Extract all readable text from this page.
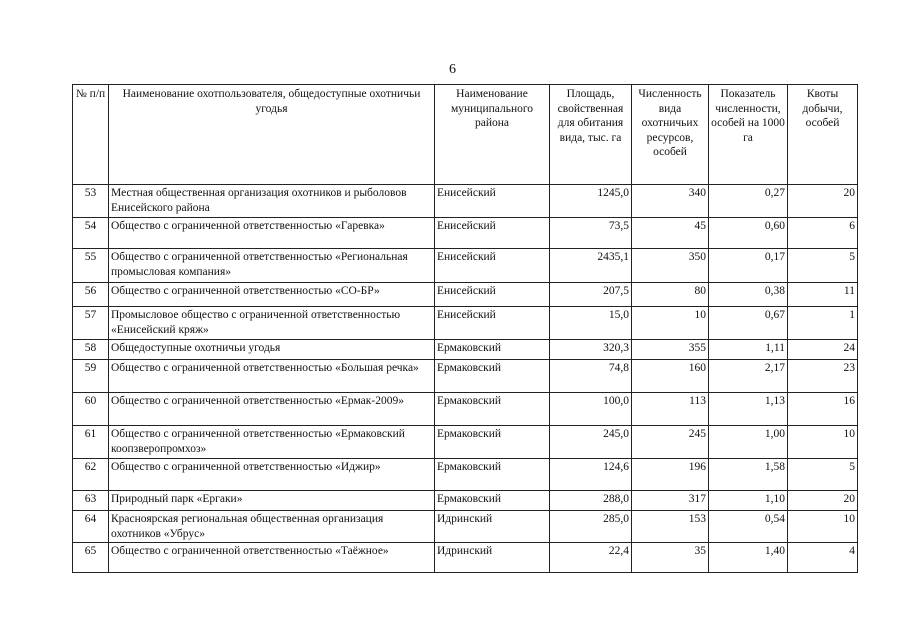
6
№ п/п	Наименование охотпользователя, общедоступные охотничьи угодья	Наименование муниципального района	Площадь, свойственная для обитания вида, тыс. га	Численность вида охотничьих ресурсов, особей	Показатель численности, особей на 1000 га	Квоты добычи, особей
53	Местная общественная организация охотников и рыболовов Енисейского района	Енисейский	1245,0	340	0,27	20
54	Общество с ограниченной ответственностью «Гаревка»	Енисейский	73,5	45	0,60	6
55	Общество с ограниченной ответственностью «Региональная промысловая компания»	Енисейский	2435,1	350	0,17	5
56	Общество с ограниченной ответственностью «СО-БР»	Енисейский	207,5	80	0,38	11
57	Промысловое общество с ограниченной ответственностью «Енисейский кряж»	Енисейский	15,0	10	0,67	1
58	Общедоступные охотничьи угодья	Ермаковский	320,3	355	1,11	24
59	Общество с ограниченной ответственностью «Большая речка»	Ермаковский	74,8	160	2,17	23
60	Общество с ограниченной ответственностью «Ермак-2009»	Ермаковский	100,0	113	1,13	16
61	Общество с ограниченной ответственностью «Ермаковский коопзверопромхоз»	Ермаковский	245,0	245	1,00	10
62	Общество с ограниченной ответственностью «Иджир»	Ермаковский	124,6	196	1,58	5
63	Природный парк «Ергаки»	Ермаковский	288,0	317	1,10	20
64	Красноярская региональная общественная организация охотников «Убрус»	Идринский	285,0	153	0,54	10
65	Общество с ограниченной ответственностью «Таёжное»	Идринский	22,4	35	1,40	4
